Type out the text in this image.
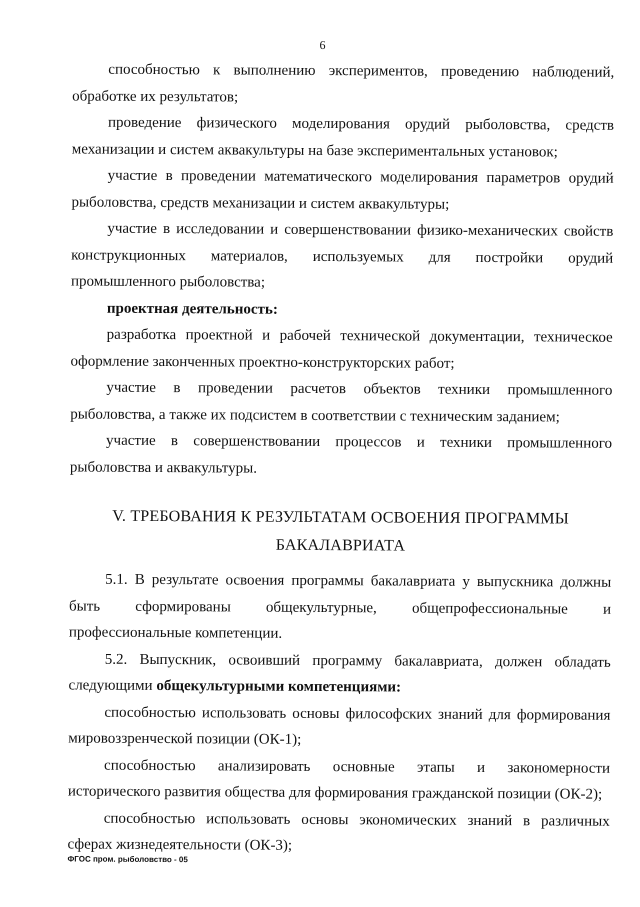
6

способностью к выполнению экспериментов, проведению наблюдений, обработке их результатов;

проведение физического моделирования орудий рыболовства, средств механизации и систем аквакультуры на базе экспериментальных установок;

участие в проведении математического моделирования параметров орудий рыболовства, средств механизации и систем аквакультуры;

участие в исследовании и совершенствовании физико-механических свойств конструкционных материалов, используемых для постройки орудий промышленного рыболовства;

проектная деятельность:

разработка проектной и рабочей технической документации, техническое оформление законченных проектно-конструкторских работ;

участие в проведении расчетов объектов техники промышленного рыболовства, а также их подсистем в соответствии с техническим заданием;

участие в совершенствовании процессов и техники промышленного рыболовства и аквакультуры.

V. ТРЕБОВАНИЯ К РЕЗУЛЬТАТАМ ОСВОЕНИЯ ПРОГРАММЫ
БАКАЛАВРИАТА

5.1. В результате освоения программы бакалавриата у выпускника должны быть сформированы общекультурные, общепрофессиональные и профессиональные компетенции.

5.2. Выпускник, освоивший программу бакалавриата, должен обладать следующими общекультурными компетенциями:

способностью использовать основы философских знаний для формирования мировоззренческой позиции (ОК-1);

способностью анализировать основные этапы и закономерности исторического развития общества для формирования гражданской позиции (ОК-2);

способностью использовать основы экономических знаний в различных сферах жизнедеятельности (ОК-3);

ФГОС пром. рыболовство - 05
